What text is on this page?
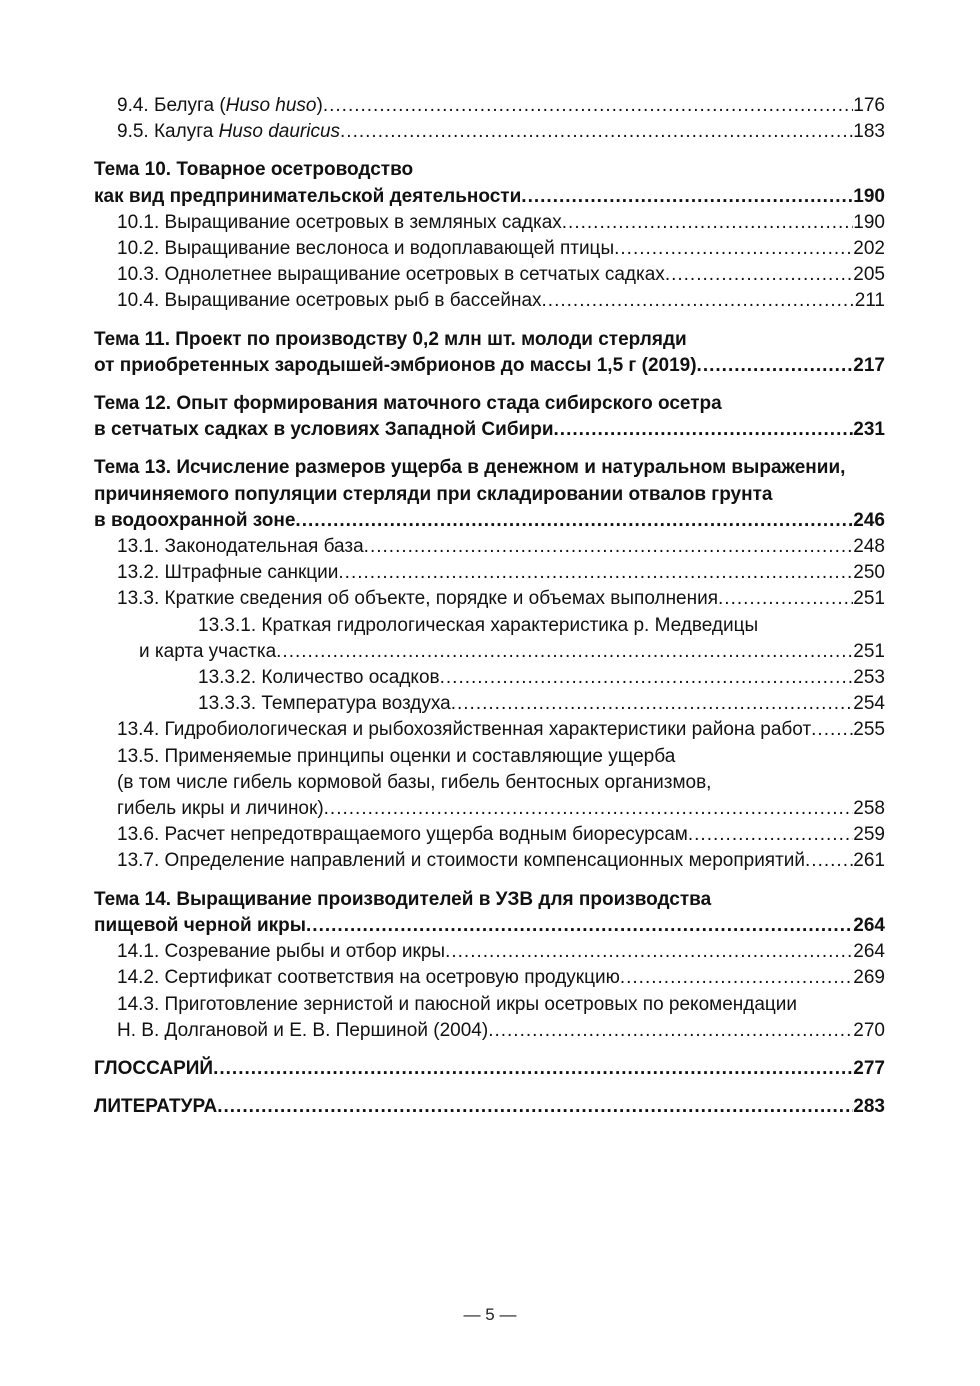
9.4. Белуга (Huso huso) .....	176
9.5. Калуга Huso dauricus .....	183
Тема 10. Товарное осетроводство
как вид предпринимательской деятельности .....	190
10.1. Выращивание осетровых в земляных садках .....	190
10.2. Выращивание веслоноса и водоплавающей птицы .....	202
10.3. Однолетнее выращивание осетровых в сетчатых садках .....	205
10.4. Выращивание осетровых рыб в бассейнах .....	211
Тема 11. Проект по производству 0,2 млн шт. молоди стерляди
от приобретенных зародышей-эмбрионов до массы 1,5 г (2019) .....	217
Тема 12. Опыт формирования маточного стада сибирского осетра
в сетчатых садках в условиях Западной Сибири .....	231
Тема 13. Исчисление размеров ущерба в денежном и натуральном выражении,
причиняемого популяции стерляди при складировании отвалов грунта
в водоохранной зоне .....	246
13.1. Законодательная база .....	248
13.2. Штрафные санкции .....	250
13.3. Краткие сведения об объекте, порядке и объемах выполнения .....	251
13.3.1. Краткая гидрологическая характеристика р. Медведицы
и карта участка .....	251
13.3.2. Количество осадков .....	253
13.3.3. Температура воздуха .....	254
13.4. Гидробиологическая и рыбохозяйственная характеристики района работ ..... 255
13.5. Применяемые принципы оценки и составляющие ущерба
(в том числе гибель кормовой базы, гибель бентосных организмов,
гибель икры и личинок) .....	258
13.6. Расчет непредотвращаемого ущерба водным биоресурсам .....	259
13.7. Определение направлений и стоимости компенсационных мероприятий .....	261
Тема 14. Выращивание производителей в УЗВ для производства
пищевой черной икры .....	264
14.1. Созревание рыбы и отбор икры .....	264
14.2. Сертификат соответствия на осетровую продукцию .....	269
14.3. Приготовление зернистой и паюсной икры осетровых по рекомендации
Н. В. Долгановой и Е. В. Першиной (2004) .....	270
ГЛОССАРИЙ .....	277
ЛИТЕРАТУРА .....	283
— 5 —
